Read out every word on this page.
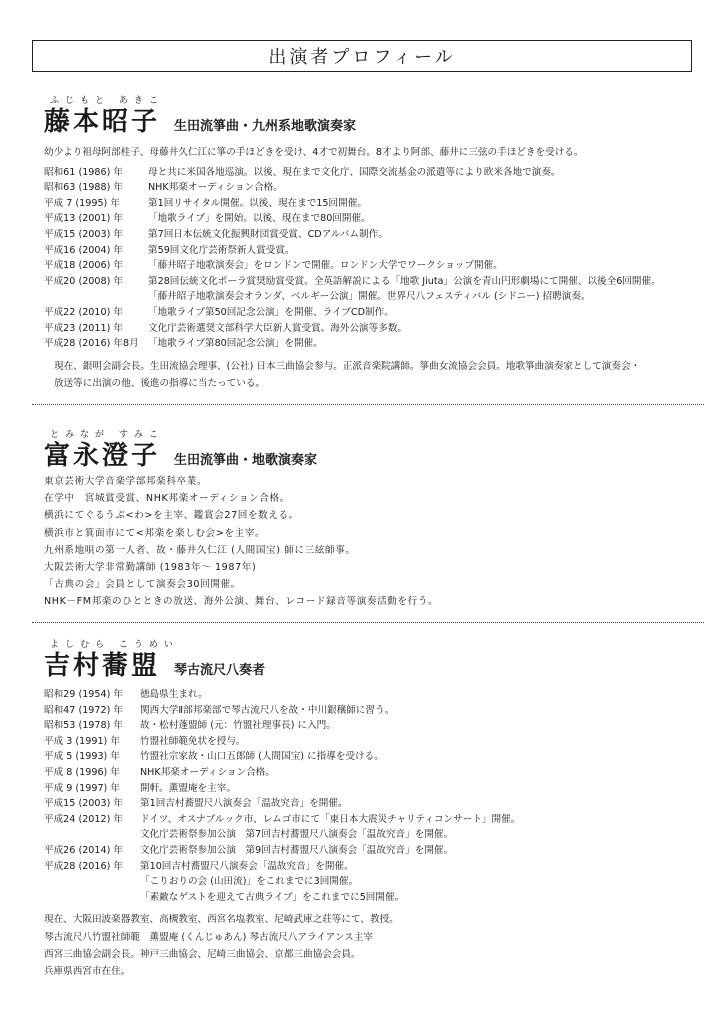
出演者プロフィール
ふじもと あきこ
藤本昭子 生田流箏曲・九州系地歌演奏家
幼少より祖母阿部桂子、母藤井久仁江に箏の手ほどきを受け、4才で初舞台。8才より阿部、藤井に三弦の手ほどきを受ける。
昭和61 (1986) 年	母と共に米国各地巡演。以後、現在まで文化庁、国際交流基金の派遣等により欧米各地で演奏。
昭和63 (1988) 年	NHK邦楽オーディション合格。
平成 7 (1995) 年	第1回リサイタル開催。以後、現在まで15回開催。
平成13 (2001) 年	「地歌ライブ」を開始。以後、現在まで80回開催。
平成15 (2003) 年	第7回日本伝統文化振興財団賞受賞、CDアルバム制作。
平成16 (2004) 年	第59回文化庁芸術祭新人賞受賞。
平成18 (2006) 年	「藤井昭子地歌演奏会」をロンドンで開催。ロンドン大学でワークショップ開催。
平成20 (2008) 年	第28回伝統文化ポーラ賞奨励賞受賞。全英語解説による「地歌 Jiuta」公演を青山円形劇場にて開催、以後全6回開催。
「藤井昭子地歌演奏会オランダ、ベルギー公演」開催。世界尺八フェスティバル (シドニー) 招聘演奏。
平成22 (2010) 年	「地歌ライブ第50回記念公演」を開催、ライブCD制作。
平成23 (2011) 年	文化庁芸術選奨文部科学大臣新人賞受賞。海外公演等多数。
平成28 (2016) 年8月 「地歌ライブ第80回記念公演」を開催。
現在、銀明会副会長。生田流協会理事、(公社) 日本三曲協会参与。正派音楽院講師。箏曲女流協会会員。地歌箏曲演奏家として演奏会・
放送等に出演の他、後進の指導に当たっている。
とみなが すみこ
富永澄子 生田流箏曲・地歌演奏家
東京芸術大学音楽学部邦楽科卒業。
在学中　宮城賞受賞、NHK邦楽オーディション合格。
横浜にてぐるうぷ<わ>を主宰、鑑賞会27回を数える。
横浜市と箕面市にて<邦楽を楽しむ会>を主宰。
九州系地唄の第一人者、故・藤井久仁江 (人間国宝) 師に三絃師事。
大阪芸術大学非常勤講師 (1983年～ 1987年)
「古典の会」会員として演奏会30回開催。
NHK－FM邦楽のひとときの放送、海外公演、舞台、レコード録音等演奏活動を行う。
よしむら こうめい
吉村蕎盟 琴古流尺八奏者
昭和29 (1954) 年	徳島県生まれ。
昭和47 (1972) 年	関西大学Ⅱ部邦楽部で琴古流尺八を故・中川銀穣師に習う。
昭和53 (1978) 年	故・松村蓬盟師 (元：竹盟社理事長) に入門。
平成 3 (1991) 年	竹盟社師範免状を授与。
平成 5 (1993) 年	竹盟社宗家故・山口五郎師 (人間国宝) に指導を受ける。
平成 8 (1996) 年	NHK邦楽オーディション合格。
平成 9 (1997) 年	開軒。薫盟庵を主宰。
平成15 (2003) 年	第1回吉村蕎盟尺八演奏会「温故究音」を開催。
平成24 (2012) 年	ドイツ、オスナブルック市、レムゴ市にて「東日本大震災チャリティコンサート」開催。
文化庁芸術祭参加公演　第7回吉村蕎盟尺八演奏会「温故究音」を開催。
平成26 (2014) 年	文化庁芸術祭参加公演　第9回吉村蕎盟尺八演奏会「温故究音」を開催。
平成28 (2016) 年	第10回吉村蕎盟尺八演奏会「温故究音」を開催。
「こりおりの会 (山田流)」をこれまでに3回開催。
「素敵なゲストを迎えて古典ライブ」をこれまでに5回開催。
現在、大阪田波楽器教室、高槻教室、西宮名塩教室、尼崎武庫之荘等にて、教授。
琴古流尺八竹盟社師範　薫盟庵 (くんじゅあん) 琴古流尺八アライアンス主宰
西宮三曲協会副会長。神戸三曲協会、尼崎三曲協会、京都三曲協会会員。
兵庫県西宮市在住。
